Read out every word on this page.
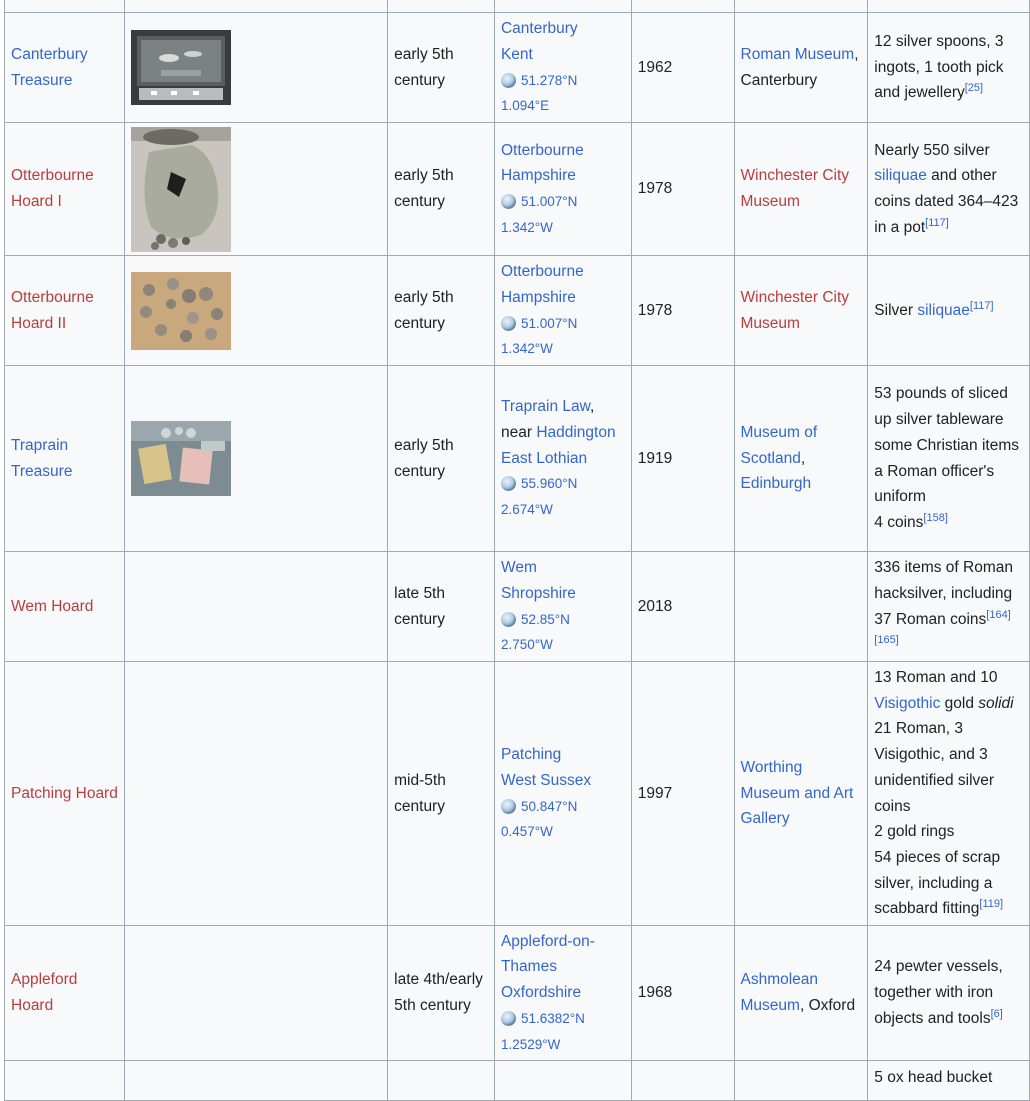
Canterbury Treasure		early 5th century	Canterbury
Kent
51.278°N
1.094°E	1962	Roman Museum,
Canterbury	12 silver spoons, 3 ingots, 1 tooth pick and jewellery[25]
Otterbourne Hoard I		early 5th century	Otterbourne
Hampshire
51.007°N
1.342°W	1978	Winchester City Museum	Nearly 550 silver siliquae and other coins dated 364–423 in a pot[117]
Otterbourne Hoard II		early 5th century	Otterbourne
Hampshire
51.007°N
1.342°W	1978	Winchester City Museum	Silver siliquae[117]
Traprain Treasure		early 5th century	Traprain Law,
near Haddington
East Lothian
55.960°N
2.674°W	1919	Museum of Scotland,
Edinburgh	53 pounds of sliced up silver tableware
some Christian items
a Roman officer's uniform
4 coins[158]
Wem Hoard		late 5th century	Wem
Shropshire
52.85°N
2.750°W	2018		336 items of Roman hacksilver, including 37 Roman coins[164][165]
Patching Hoard		mid-5th century	Patching
West Sussex
50.847°N
0.457°W	1997	Worthing Museum and Art Gallery	13 Roman and 10
Visigothic gold solidi
21 Roman, 3 Visigothic, and 3 unidentified silver coins
2 gold rings
54 pieces of scrap silver, including a scabbard fitting[119]
Appleford Hoard		late 4th/early 5th century	Appleford-on-Thames
Oxfordshire
51.6382°N
1.2529°W	1968	Ashmolean Museum, Oxford	24 pewter vessels, together with iron objects and tools[6]
						5 ox head bucket
